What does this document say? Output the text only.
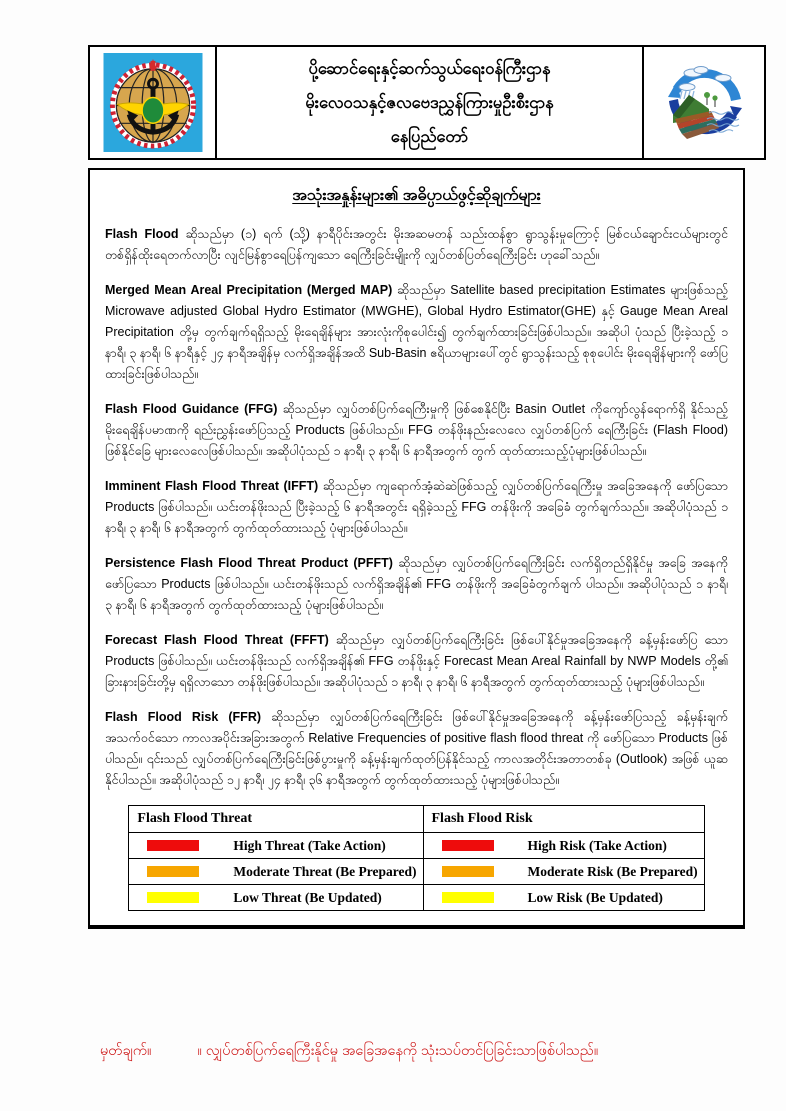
ပို့ဆောင်ရေးနှင့်ဆက်သွယ်ရေးဝန်ကြီးဌာန
မိုးလေဝသနှင့်ဇလဗေဒညွှန်ကြားမှုဦးစီးဌာန
နေပြည်တော်
အသုံးအနှုန်းများ၏ အဓိပ္ပာယ်ဖွင့်ဆိုချက်များ

Flash Flood ဆိုသည်မှာ (၁) ရက် (သို့) နာရီပိုင်းအတွင်း မိုးအဆမတန် သည်းထန်စွာ ရွာသွန်းမှုကြောင့် မြစ်ငယ်ချောင်းငယ်များတွင် တစ်ရှိန်ထိုးရေတက်လာပြီး လျင်မြန်စွာရေပြန်ကျသော ရေကြီးခြင်းမျိုးကို လျှပ်တစ်ပြတ်ရေကြီးခြင်း ဟုခေါ်သည်။

Merged Mean Areal Precipitation (Merged MAP) ဆိုသည်မှာ Satellite based precipitation Estimates များဖြစ်သည့် Microwave adjusted Global Hydro Estimator (MWGHE), Global Hydro Estimator(GHE) နှင့် Gauge Mean Areal Precipitation တို့မှ တွက်ချက်ရရှိသည့် မိုးရေချိန်များ အားလုံးကိုစုပေါင်း၍ တွက်ချက်ထားခြင်းဖြစ်ပါသည်။ အဆိုပါ ပုံသည် ပြီးခဲ့သည့် ၁ နာရီ၊ ၃ နာရီ၊ ၆ နာရီနှင့် ၂၄ နာရီအချိန်မှ လက်ရှိအချိန်အထိ Sub-Basin ဧရိယာများပေါ်တွင် ရွာသွန်းသည့် စုစုပေါင်း မိုးရေချိန်များကို ဖော်ပြထားခြင်းဖြစ်ပါသည်။

Flash Flood Guidance (FFG) ဆိုသည်မှာ လျှပ်တစ်ပြက်ရေကြီးမှုကို ဖြစ်စေနိုင်ပြီး Basin Outlet ကိုကျော်လွန်ရောက်ရှိ နိုင်သည့် မိုးရေချိန်ပမာဏကို ရည်းညွှန်းဖော်ပြသည့် Products ဖြစ်ပါသည်။ FFG တန်ဖိုးနည်းလေလေ လျှပ်တစ်ပြက် ရေကြီးခြင်း (Flash Flood) ဖြစ်နိုင်ခြေ များလေလေဖြစ်ပါသည်။ အဆိုပါပုံသည် ၁ နာရီ၊ ၃ နာရီ၊ ၆ နာရီအတွက် တွက် ထုတ်ထားသည့်ပုံများဖြစ်ပါသည်။

Imminent Flash Flood Threat (IFFT) ဆိုသည်မှာ ကျရောက်အံ့ဆဲဆဲဖြစ်သည့် လျှပ်တစ်ပြက်ရေကြီးမှု အခြေအနေကို ဖော်ပြသော Products ဖြစ်ပါသည်။ ယင်းတန်ဖိုးသည် ပြီးခဲ့သည့် ၆ နာရီအတွင်း ရရှိခဲ့သည့် FFG တန်ဖိုးကို အခြေခံ တွက်ချက်သည်။ အဆိုပါပုံသည် ၁ နာရီ၊ ၃ နာရီ၊ ၆ နာရီအတွက် တွက်ထုတ်ထားသည့် ပုံများဖြစ်ပါသည်။

Persistence Flash Flood Threat Product (PFFT) ဆိုသည်မှာ လျှပ်တစ်ပြက်ရေကြီးခြင်း လက်ရှိတည်ရှိနိုင်မှု အခြေ အနေကို ဖော်ပြသော Products ဖြစ်ပါသည်။ ယင်းတန်ဖိုးသည် လက်ရှိအချိန်၏ FFG တန်ဖိုးကို အခြေခံတွက်ချက် ပါသည်။ အဆိုပါပုံသည် ၁ နာရီ၊ ၃ နာရီ၊ ၆ နာရီအတွက် တွက်ထုတ်ထားသည့် ပုံများဖြစ်ပါသည်။

Forecast Flash Flood Threat (FFFT) ဆိုသည်မှာ လျှပ်တစ်ပြက်ရေကြီးခြင်း ဖြစ်ပေါ်နိုင်မှုအခြေအနေကို ခန့်မှန်းဖော်ပြ သော Products ဖြစ်ပါသည်။ ယင်းတန်ဖိုးသည် လက်ရှိအချိန်၏ FFG တန်ဖိုးနှင့် Forecast Mean Areal Rainfall by NWP Models တို့၏ ခြားနားခြင်းတို့မှ ရရှိလာသော တန်ဖိုးဖြစ်ပါသည်။ အဆိုပါပုံသည် ၁ နာရီ၊ ၃ နာရီ၊ ၆ နာရီအတွက် တွက်ထုတ်ထားသည့် ပုံများဖြစ်ပါသည်။

Flash Flood Risk (FFR) ဆိုသည်မှာ လျှပ်တစ်ပြက်ရေကြီးခြင်း ဖြစ်ပေါ်နိုင်မှုအခြေအနေကို ခန့်မှန်းဖော်ပြသည့် ခန့်မှန်းချက် အသက်ဝင်သော ကာလအပိုင်းအခြားအတွက် Relative Frequencies of positive flash flood threat ကို ဖော်ပြသော Products ဖြစ်ပါသည်။ ၎င်းသည် လျှပ်တစ်ပြက်ရေကြီးခြင်းဖြစ်ပွားမှုကို ခန့်မှန်းချက်ထုတ်ပြန်နိုင်သည့် ကာလအတိုင်းအတာတစ်ခု (Outlook) အဖြစ် ယူဆနိုင်ပါသည်။ အဆိုပါပုံသည် ၁၂ နာရီ၊ ၂၄ နာရီ၊ ၃၆ နာရီအတွက် တွက်ထုတ်ထားသည့် ပုံများဖြစ်ပါသည်။

Flash Flood Threat	Flash Flood Risk

High Threat (Take Action)	High Risk (Take Action)

Moderate Threat (Be Prepared)	Moderate Risk (Be Prepared)

Low Threat (Be Updated)	Low Risk (Be Updated)
မှတ်ချက်။	။ လျှပ်တစ်ပြက်ရေကြီးနိုင်မှု အခြေအနေကို သုံးသပ်တင်ပြခြင်းသာဖြစ်ပါသည်။
